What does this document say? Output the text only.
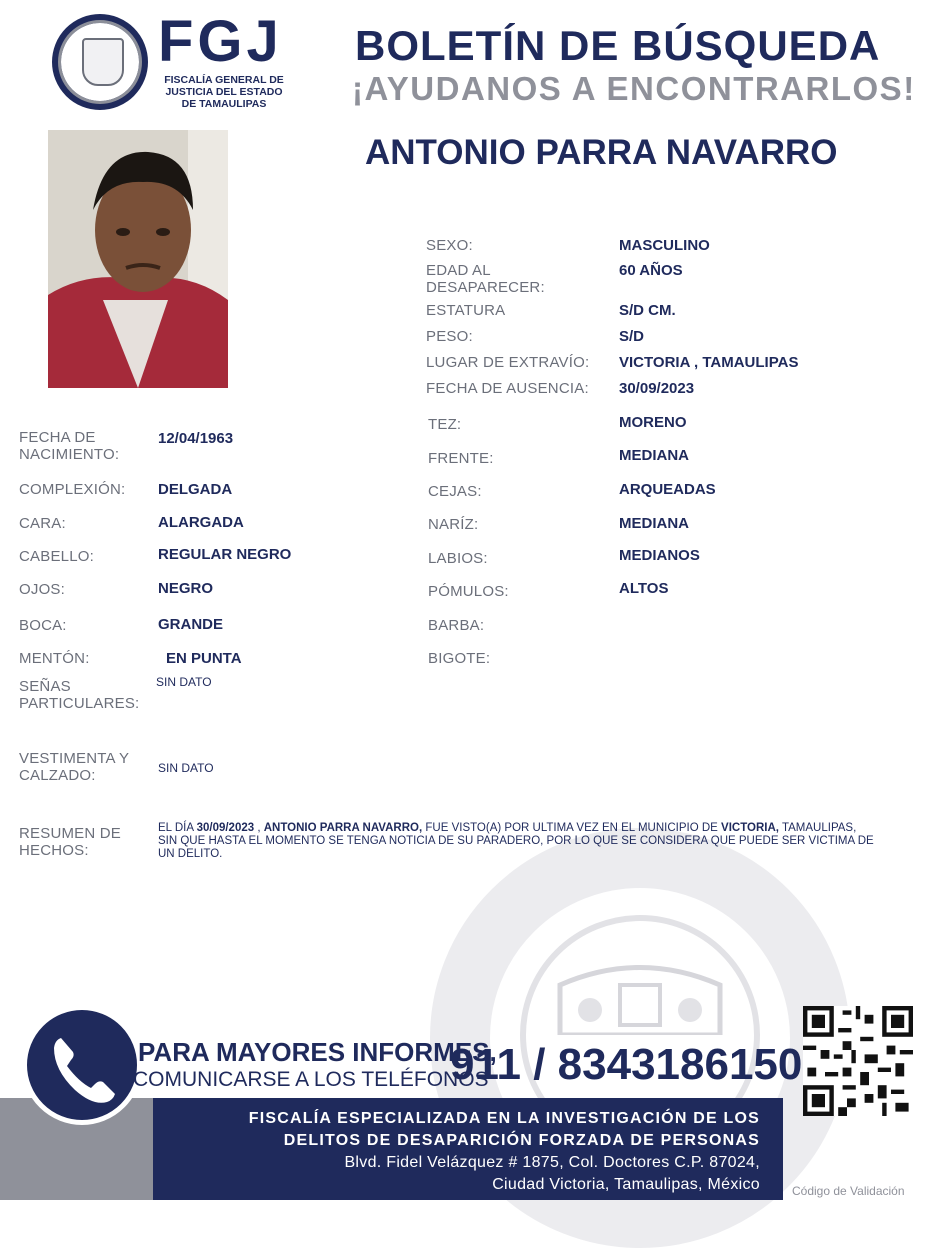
FGJ
FISCALÍA GENERAL DE
JUSTICIA DEL ESTADO
DE TAMAULIPAS
BOLETÍN DE BÚSQUEDA
¡AYUDANOS A ENCONTRARLOS!
ANTONIO PARRA NAVARRO
SEXO:	MASCULINO
EDAD AL DESAPARECER:
60 AÑOS
ESTATURA	S/D CM.
PESO:	S/D
LUGAR DE EXTRAVÍO: VICTORIA , TAMAULIPAS
FECHA DE AUSENCIA: 30/09/2023
TEZ:	MORENO
FRENTE:	MEDIANA
CEJAS:	ARQUEADAS
NARÍZ:	MEDIANA
LABIOS:	MEDIANOS
PÓMULOS:	ALTOS
BARBA:
BIGOTE:
FECHA DE NACIMIENTO:
12/04/1963
COMPLEXIÓN: DELGADA
CARA:	ALARGADA
CABELLO:	REGULAR NEGRO
OJOS:	NEGRO
BOCA:	GRANDE
MENTÓN:	EN PUNTA
SEÑAS PARTICULARES:
SIN DATO
VESTIMENTA Y CALZADO:	SIN DATO
RESUMEN DE HECHOS:
EL DÍA 30/09/2023 , ANTONIO PARRA NAVARRO, FUE VISTO(A) POR ULTIMA VEZ EN EL MUNICIPIO DE VICTORIA, TAMAULIPAS, SIN QUE HASTA EL MOMENTO SE TENGA NOTICIA DE SU PARADERO, POR LO QUE SE CONSIDERA QUE PUEDE SER VICTIMA DE UN DELITO.
PARA MAYORES INFORMES,
COMUNICARSE A LOS TELÉFONOS
911 / 8343186150
FISCALÍA ESPECIALIZADA EN LA INVESTIGACIÓN DE LOS
DELITOS DE DESAPARICIÓN FORZADA DE PERSONAS
Blvd. Fidel Velázquez # 1875, Col. Doctores C.P. 87024,
Ciudad Victoria, Tamaulipas, México	Código de Validación
